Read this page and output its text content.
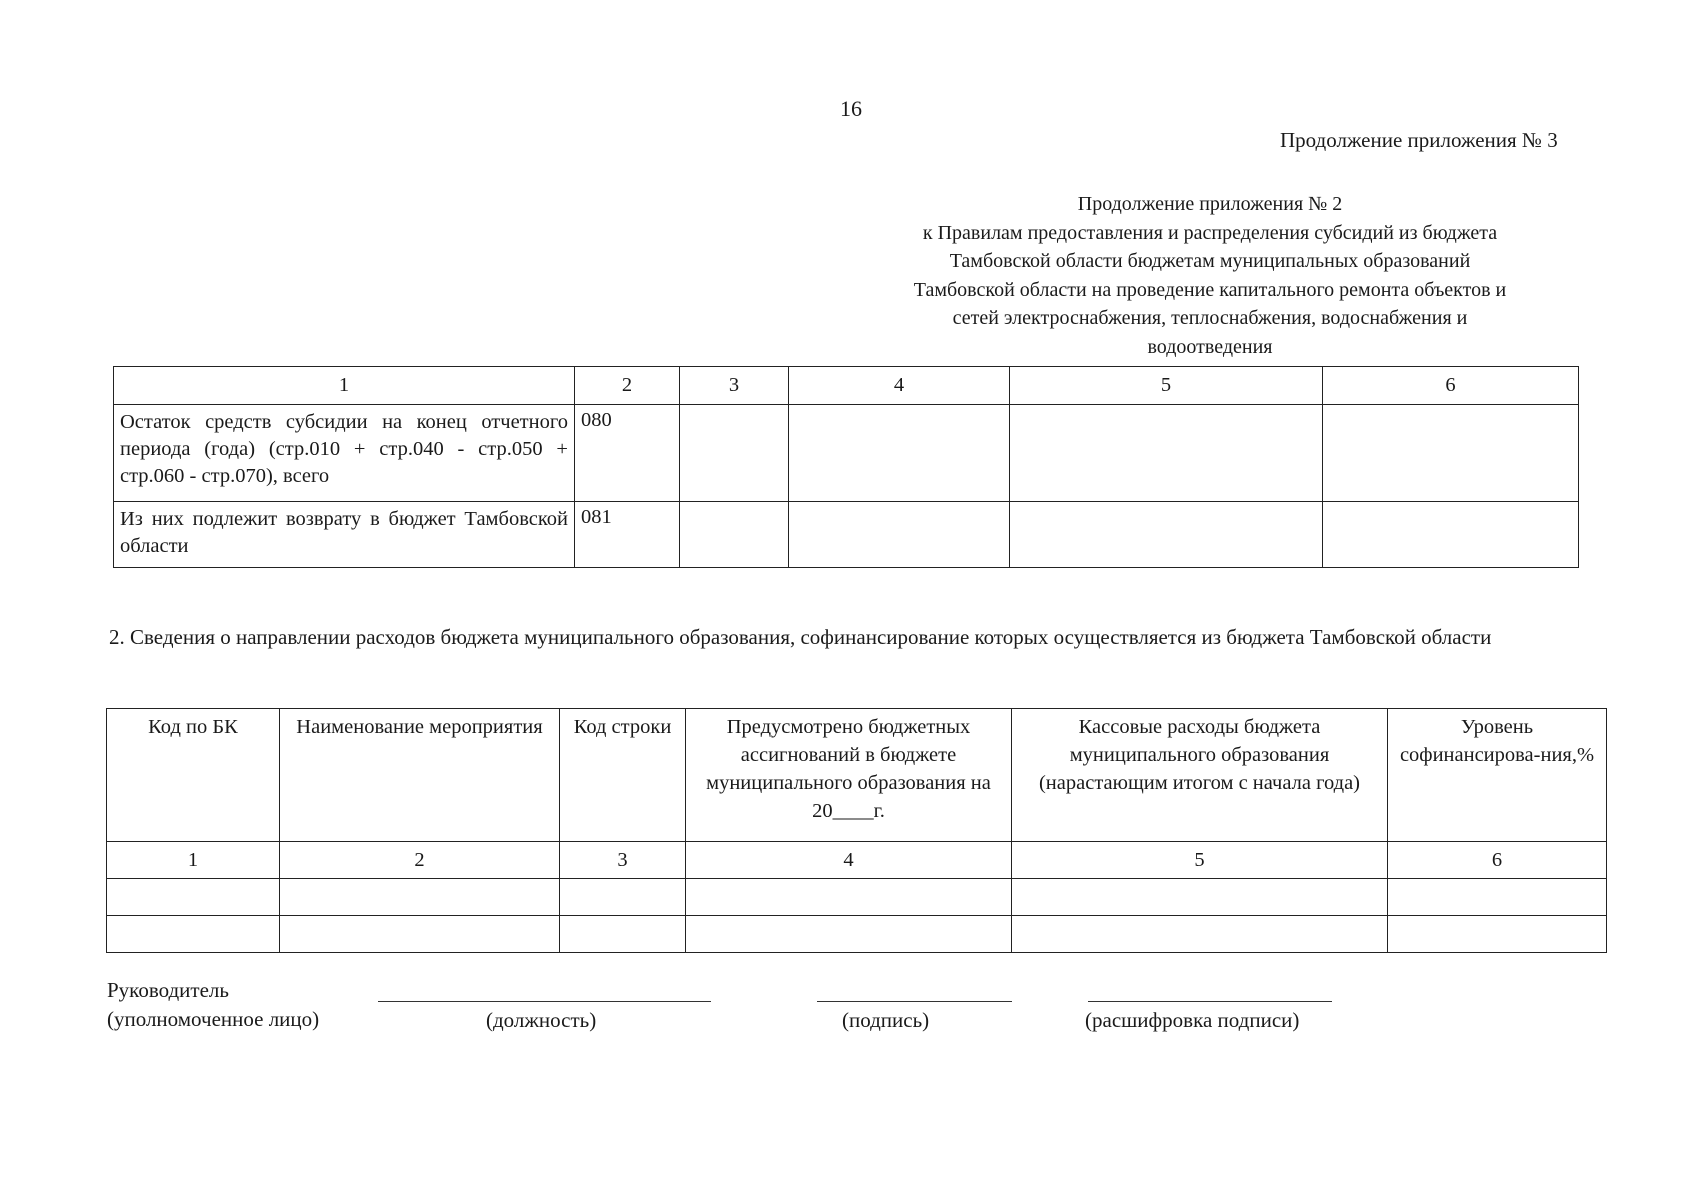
16
Продолжение приложения № 3
Продолжение приложения № 2
к Правилам предоставления и распределения субсидий из бюджета
Тамбовской области бюджетам муниципальных образований
Тамбовской области на проведение капитального ремонта объектов и
сетей электроснабжения, теплоснабжения, водоснабжения и
водоотведения
1	2	3	4	5	6
Остаток средств субсидии на конец отчетного периода (года) (стр.010 + стр.040 - стр.050 + стр.060 - стр.070), всего	080				
Из них подлежит возврату в бюджет Тамбовской области	081				
2. Сведения о направлении расходов бюджета муниципального образования, софинансирование которых осуществляется из бюджета Тамбовской области
Код по БК	Наименование мероприятия	Код строки	Предусмотрено бюджетных ассигнований в бюджете муниципального образования на 20____г.	Кассовые расходы бюджета муниципального образования (нарастающим итогом с начала года)	Уровень софинансирова-ния,%
1	2	3	4	5	6

Руководитель
(уполномоченное лицо)	(должность)	(подпись)	(расшифровка подписи)
